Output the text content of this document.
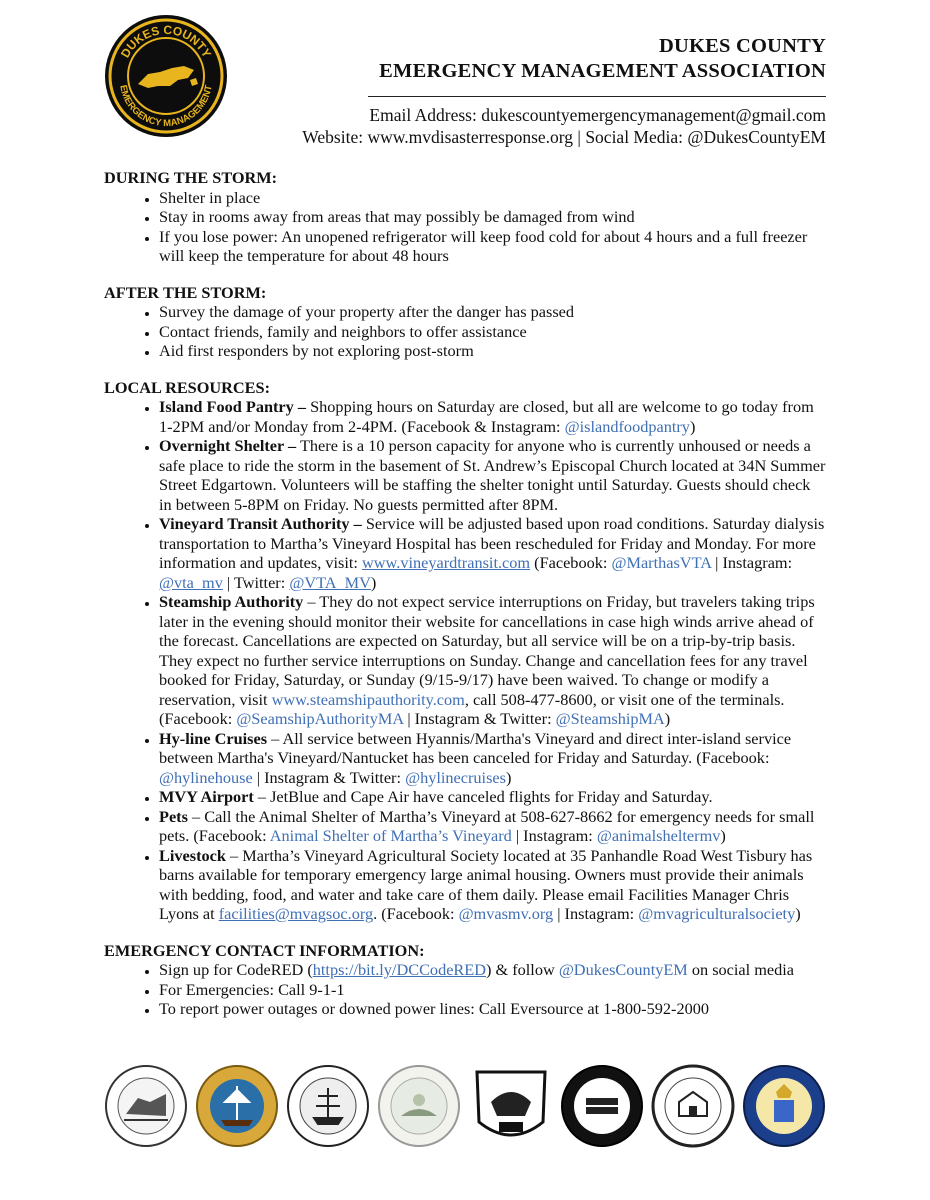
DUKES COUNTY
EMERGENCY MANAGEMENT
DUKES COUNTY
EMERGENCY MANAGEMENT ASSOCIATION
Email Address: dukescountyemergencymanagement@gmail.com
Website: www.mvdisasterresponse.org | Social Media: @DukesCountyEM
DURING THE STORM:
• Shelter in place
• Stay in rooms away from areas that may possibly be damaged from wind
• If you lose power: An unopened refrigerator will keep food cold for about 4 hours and a full freezer will keep the temperature for about 48 hours
AFTER THE STORM:
• Survey the damage of your property after the danger has passed
• Contact friends, family and neighbors to offer assistance
• Aid first responders by not exploring post-storm
LOCAL RESOURCES:
• Island Food Pantry – Shopping hours on Saturday are closed, but all are welcome to go today from 1-2PM and/or Monday from 2-4PM. (Facebook & Instagram: @islandfoodpantry)
• Overnight Shelter – There is a 10 person capacity for anyone who is currently unhoused or needs a safe place to ride the storm in the basement of St. Andrew’s Episcopal Church located at 34N Summer Street Edgartown. Volunteers will be staffing the shelter tonight until Saturday. Guests should check in between 5-8PM on Friday. No guests permitted after 8PM.
• Vineyard Transit Authority – Service will be adjusted based upon road conditions. Saturday dialysis transportation to Martha’s Vineyard Hospital has been rescheduled for Friday and Monday. For more information and updates, visit: www.vineyardtransit.com (Facebook: @MarthasVTA | Instagram: @vta_mv | Twitter: @VTA_MV)
• Steamship Authority – They do not expect service interruptions on Friday, but travelers taking trips later in the evening should monitor their website for cancellations in case high winds arrive ahead of the forecast. Cancellations are expected on Saturday, but all service will be on a trip-by-trip basis. They expect no further service interruptions on Sunday. Change and cancellation fees for any travel booked for Friday, Saturday, or Sunday (9/15-9/17) have been waived. To change or modify a reservation, visit www.steamshipauthority.com, call 508-477-8600, or visit one of the terminals. (Facebook: @SeamshipAuthorityMA | Instagram & Twitter: @SteamshipMA)
• Hy-line Cruises – All service between Hyannis/Martha's Vineyard and direct inter-island service between Martha's Vineyard/Nantucket has been canceled for Friday and Saturday. (Facebook: @hylinehouse | Instagram & Twitter: @hylinecruises)
• MVY Airport – JetBlue and Cape Air have canceled flights for Friday and Saturday.
• Pets – Call the Animal Shelter of Martha’s Vineyard at 508-627-8662 for emergency needs for small pets. (Facebook: Animal Shelter of Martha’s Vineyard | Instagram: @animalsheltermv)
• Livestock – Martha’s Vineyard Agricultural Society located at 35 Panhandle Road West Tisbury has barns available for temporary emergency large animal housing. Owners must provide their animals with bedding, food, and water and take care of them daily. Please email Facilities Manager Chris Lyons at facilities@mvagsoc.org. (Facebook: @mvasmv.org | Instagram: @mvagriculturalsociety)
EMERGENCY CONTACT INFORMATION:
• Sign up for CodeRED (https://bit.ly/DCCodeRED) & follow @DukesCountyEM on social media
• For Emergencies: Call 9-1-1
• To report power outages or downed power lines: Call Eversource at 1-800-592-2000
